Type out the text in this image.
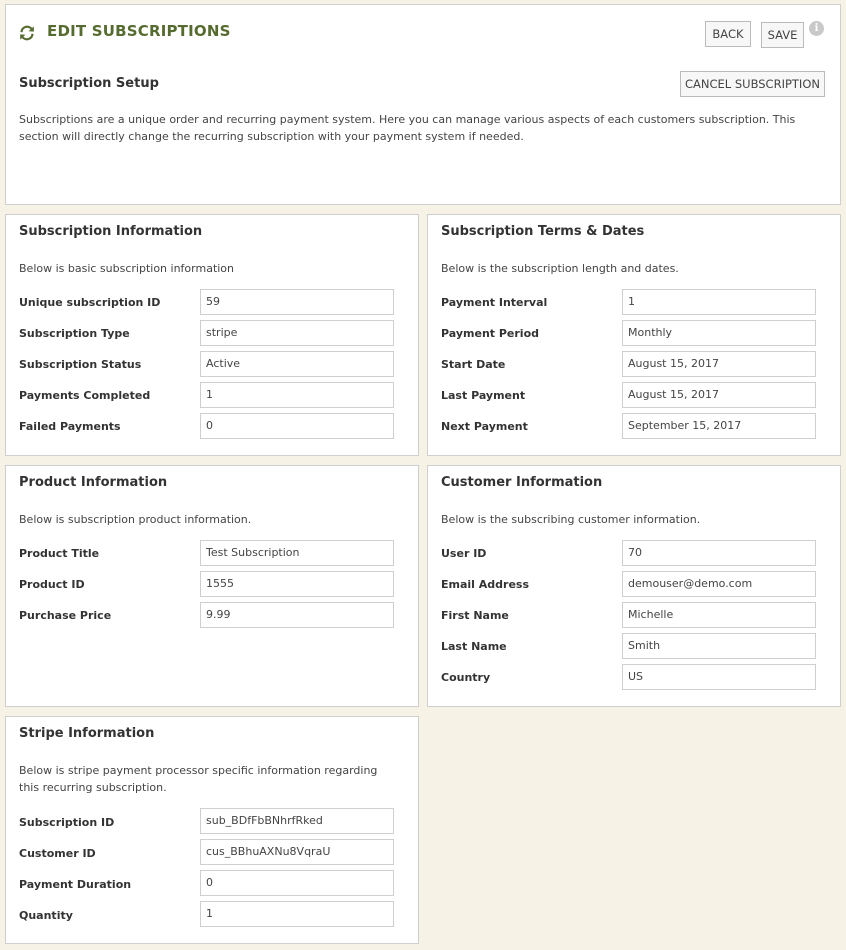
EDIT SUBSCRIPTIONS	BACK	SAVE	i
Subscription Setup	CANCEL SUBSCRIPTION
Subscriptions are a unique order and recurring payment system. Here you can manage various aspects of each customers subscription. This section will directly change the recurring subscription with your payment system if needed.
Subscription Information
Below is basic subscription information
Unique subscription ID	59
Subscription Type	stripe
Subscription Status	Active
Payments Completed	1
Failed Payments	0
Subscription Terms & Dates
Below is the subscription length and dates.
Payment Interval	1
Payment Period	Monthly
Start Date	August 15, 2017
Last Payment	August 15, 2017
Next Payment	September 15, 2017
Product Information
Below is subscription product information.
Product Title	Test Subscription
Product ID	1555
Purchase Price	9.99
Customer Information
Below is the subscribing customer information.
User ID	70
Email Address	demouser@demo.com
First Name	Michelle
Last Name	Smith
Country	US
Stripe Information
Below is stripe payment processor specific information regarding this recurring subscription.
Subscription ID	sub_BDfFbBNhrfRked
Customer ID	cus_BBhuAXNu8VqraU
Payment Duration	0
Quantity	1
